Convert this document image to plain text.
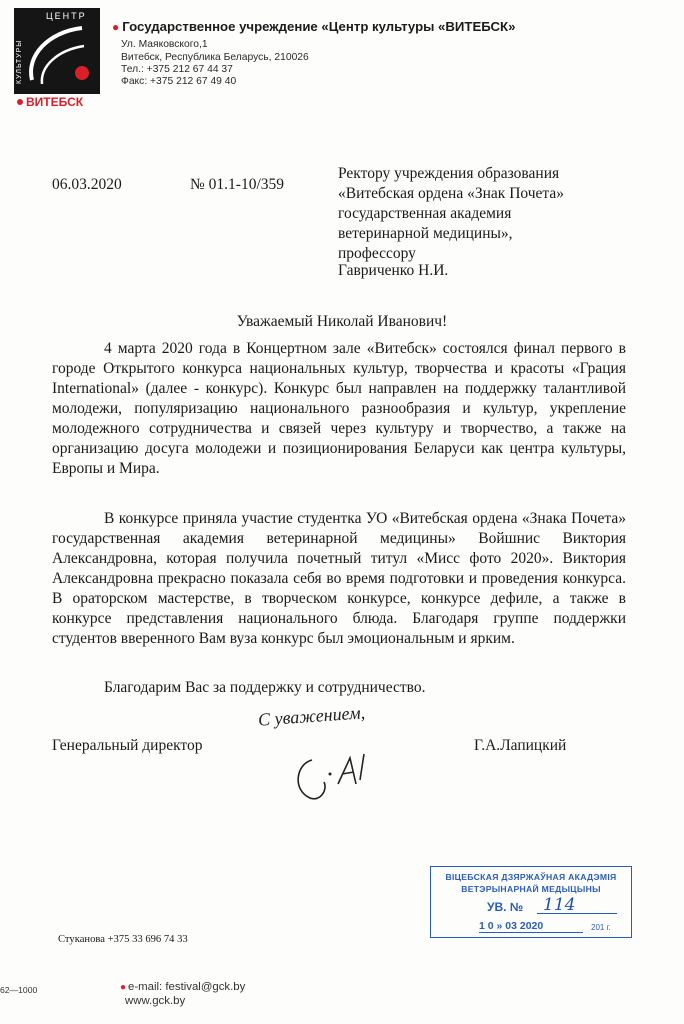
ЦЕНТР
КУЛЬТУРЫ
ВИТЕБСК
● Государственное учреждение «Центр культуры «ВИТЕБСК»
Ул. Маяковского,1
Витебск, Республика Беларусь, 210026
Тел.: +375 212 67 44 37
Факс: +375 212 67 49 40
06.03.2020	№ 01.1-10/359
Ректору учреждения образования
«Витебская ордена «Знак Почета»
государственная академия
ветеринарной медицины»,
профессору
Гавриченко Н.И.
Уважаемый Николай Иванович!

4 марта 2020 года в Концертном зале «Витебск» состоялся финал первого в городе Открытого конкурса национальных культур, творчества и красоты «Грация International» (далее - конкурс). Конкурс был направлен на поддержку талантливой молодежи, популяризацию национального разнообразия и культур, укрепление молодежного сотрудничества и связей через культуру и творчество, а также на организацию досуга молодежи и позиционирования Беларуси как центра культуры, Европы и Мира.

В конкурсе приняла участие студентка УО «Витебская ордена «Знака Почета» государственная академия ветеринарной медицины» Войшнис Виктория Александровна, которая получила почетный титул «Мисс фото 2020». Виктория Александровна прекрасно показала себя во время подготовки и проведения конкурса. В ораторском мастерстве, в творческом конкурсе, конкурсе дефиле, а также в конкурсе представления национального блюда. Благодаря группе поддержки студентов вверенного Вам вуза конкурс был эмоциональным и ярким.

Благодарим Вас за поддержку и сотрудничество.

С уважением,
Генеральный директор	Г.А.Лапицкий
ВIЦЕБСКАЯ ДЗЯРЖАЎНАЯ АКАДЭМIЯ
ВЕТЭРЫНАРНАЙ МЕДЫЦЫНЫ
УВ. № 114
1 0 » 03 2020	201 г.
Стуканова +375 33 696 74 33
62—1000	● e-mail: festival@gck.by
www.gck.by
